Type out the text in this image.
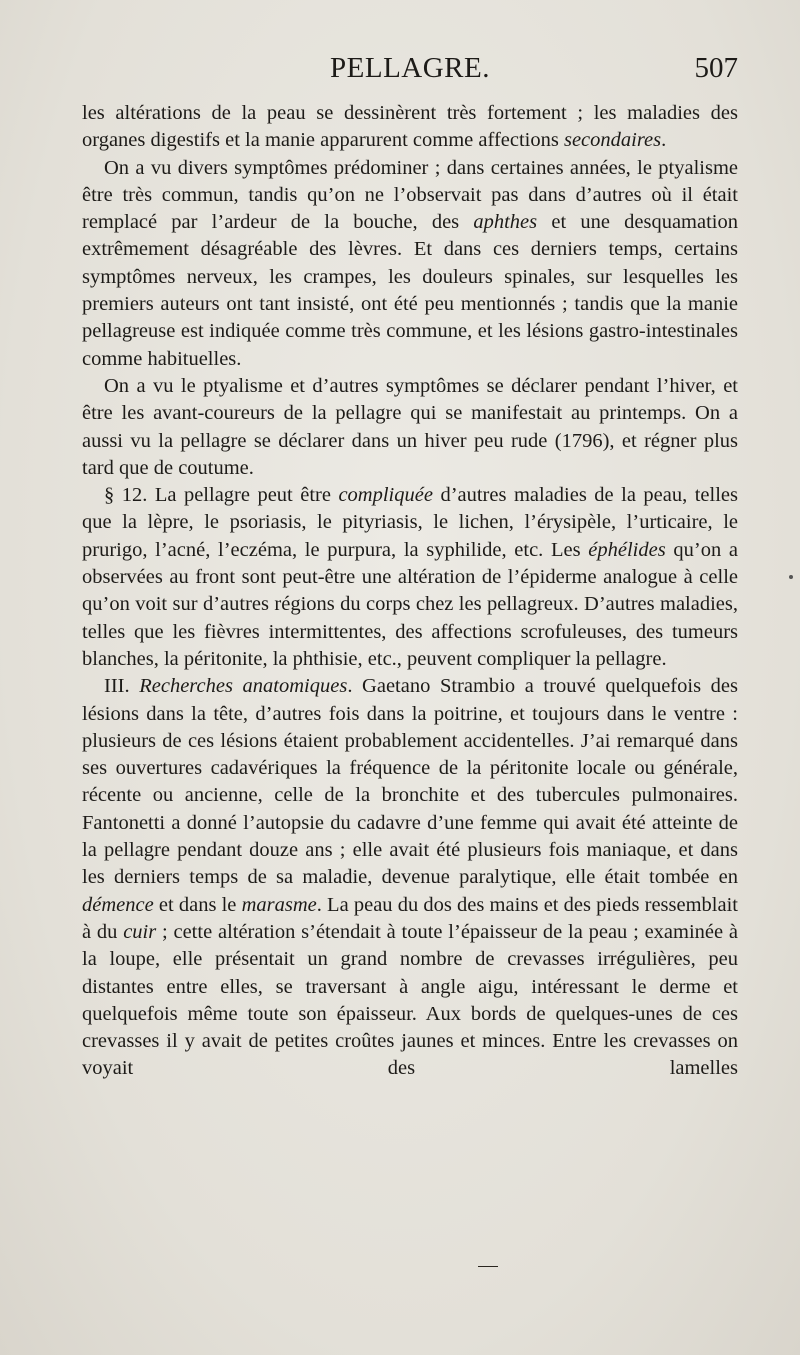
PELLAGRE.	507

les altérations de la peau se dessinèrent très fortement ; les maladies des organes digestifs et la manie apparurent comme affections secondaires.

On a vu divers symptômes prédominer ; dans certaines années, le ptyalisme être très commun, tandis qu’on ne l’observait pas dans d’autres où il était remplacé par l’ardeur de la bouche, des aphthes et une desquamation extrêmement désagréable des lèvres. Et dans ces derniers temps, certains symptômes nerveux, les crampes, les douleurs spinales, sur lesquelles les premiers auteurs ont tant insisté, ont été peu mentionnés ; tandis que la manie pellagreuse est indiquée comme très commune, et les lésions gastro-intestinales comme habituelles.

On a vu le ptyalisme et d’autres symptômes se déclarer pendant l’hiver, et être les avant-coureurs de la pellagre qui se manifestait au printemps. On a aussi vu la pellagre se déclarer dans un hiver peu rude (1796), et régner plus tard que de coutume.

§ 12. La pellagre peut être compliquée d’autres maladies de la peau, telles que la lèpre, le psoriasis, le pityriasis, le lichen, l’érysipèle, l’urticaire, le prurigo, l’acné, l’eczéma, le purpura, la syphilide, etc. Les éphélides qu’on a observées au front sont peut-être une altération de l’épiderme analogue à celle qu’on voit sur d’autres régions du corps chez les pellagreux. D’autres maladies, telles que les fièvres intermittentes, des affections scrofuleuses, des tumeurs blanches, la péritonite, la phthisie, etc., peuvent compliquer la pellagre.

III. Recherches anatomiques. Gaetano Strambio a trouvé quelquefois des lésions dans la tête, d’autres fois dans la poitrine, et toujours dans le ventre : plusieurs de ces lésions étaient probablement accidentelles. J’ai remarqué dans ses ouvertures cadavériques la fréquence de la péritonite locale ou générale, récente ou ancienne, celle de la bronchite et des tubercules pulmonaires. Fantonetti a donné l’autopsie du cadavre d’une femme qui avait été atteinte de la pellagre pendant douze ans ; elle avait été plusieurs fois maniaque, et dans les derniers temps de sa maladie, devenue paralytique, elle était tombée en démence et dans le marasme. La peau du dos des mains et des pieds ressemblait à du cuir ; cette altération s’étendait à toute l’épaisseur de la peau ; examinée à la loupe, elle présentait un grand nombre de crevasses irrégulières, peu distantes entre elles, se traversant à angle aigu, intéressant le derme et quelquefois même toute son épaisseur. Aux bords de quelques-unes de ces crevasses il y avait de petites croûtes jaunes et minces. Entre les crevasses on voyait des lamelles
